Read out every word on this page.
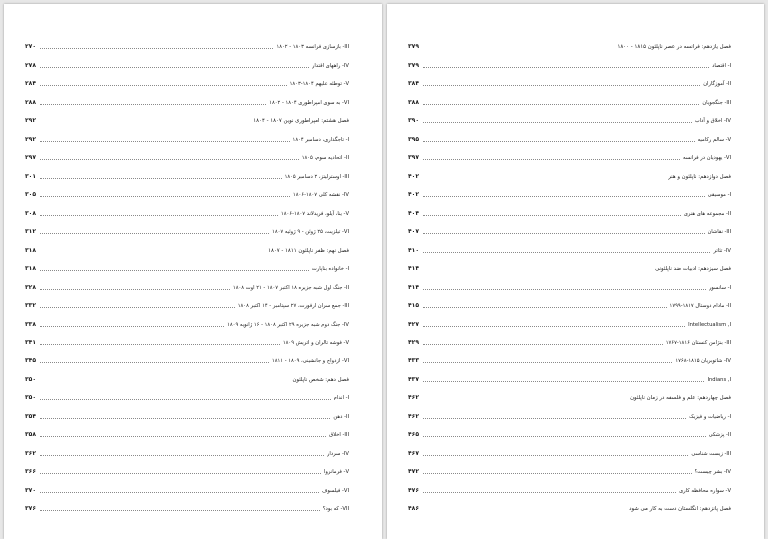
۲۷۰	III- بازسازی فرانسه ۱۸۰۳ - ۱۸۰۲
۲۷۸	IV- راههای اقتدار
۲۸۴	V- توطئه علیهم ۱۸۰۴-۱۸۰۳
۲۸۸	VI- به سوی امپراطوری ۱۸۰۴ - ۱۸۰۲
۲۹۲	فصل هشتم: امپراطوری نوین ۱۸۰۷ - ۱۸۰۴
۲۹۲	I- تاجگذاری، دسامبر ۱۸۰۴
۲۹۷	II- اتحادیه سوم، ۱۸۰۵
۳۰۱	III- اوسترلیتز، ۲ دسامبر ۱۸۰۵
۳۰۵	IV- نقشه کلی ۱۸۰۷-۱۸۰۶
۳۰۸	V- ینا، آیلو، فریدلاند ۱۸۰۷-۱۸۰۶
۳۱۲	VI- تیلزیت، ۲۵ ژوئن - ۹ ژوئیه ۱۸۰۷
۳۱۸	فصل نهم: ظفر ناپلئون ۱۸۱۱ - ۱۸۰۷
۳۱۸	I- خانواده بناپارت
۳۲۸	II- جنگ اول شبه جزیره ۱۸ اکتبر ۱۸۰۷ - ۲۱ اوت ۱۸۰۸
۳۳۲	III- جمع سران ارفورت، ۲۷ سپتامبر - ۱۴ اکتبر ۱۸۰۸
۳۳۸	IV- جنگ دوم شبه جزیره ۲۹ اکتبر ۱۸۰۸ - ۱۶ ژانویه ۱۸۰۹
۳۴۱	V- فوشه تالران و اتریش ۱۸۰۹
۳۴۵	VI- ازدواج و جانشینی، ۱۸۰۹ - ۱۸۱۱
۳۵۰	فصل دهم: شخص ناپلئون
۳۵۰	I- اندام
۳۵۴	II- ذهن
۳۵۸	III- اخلاق
۳۶۲	IV- سردار
۳۶۶	V- فرمانروا
۳۷۰	VI- فیلسوف
۳۷۶	VII- که بود؟
۳۷۹	فصل یازدهم: فرانسه در عصر ناپلئون ۱۸۱۵ - ۱۸۰۰
۳۷۹	I- اقتصاد
۳۸۴	II- آموزگاران
۳۸۸	III- جنگجویان
۳۹۰	IV- اخلاق و آداب
۳۹۵	V- سالم رکامیه
۳۹۷	VI- یهودیان در فرانسه
۴۰۲	فصل دوازدهم: ناپلئون و هنر
۴۰۲	I- موسیقی
۴۰۴	II- مجموعه های هنری
۴۰۷	III- نقاشان
۴۱۰	IV- تئاتر
۴۱۴	فصل سیزدهم: ادبیات ضد ناپلئونی
۴۱۴	I- سانسور
۴۱۵	II- مادام دوستال ۱۸۱۷-۱۷۹۹
۴۲۷	Intellectualism ,I
۴۲۹	III- بنژامن کنستان ۱۸۱۶-۱۷۶۷
۴۳۳	IV- شاتوبریان ۱۸۱۵-۱۷۶۸
۴۳۷	Indians ,I
۴۶۲	فصل چهاردهم: علم و فلسفه در زمان ناپلئون
۴۶۲	I- ریاضیات و فیزیک
۴۶۵	II- پزشکی
۴۶۷	III- زیست شناسی
۴۷۲	IV- بشر چیست؟
۴۷۶	V- سواره محافظه کاری
۴۸۶	فصل پانزدهم: انگلستان دست به کار می شود
